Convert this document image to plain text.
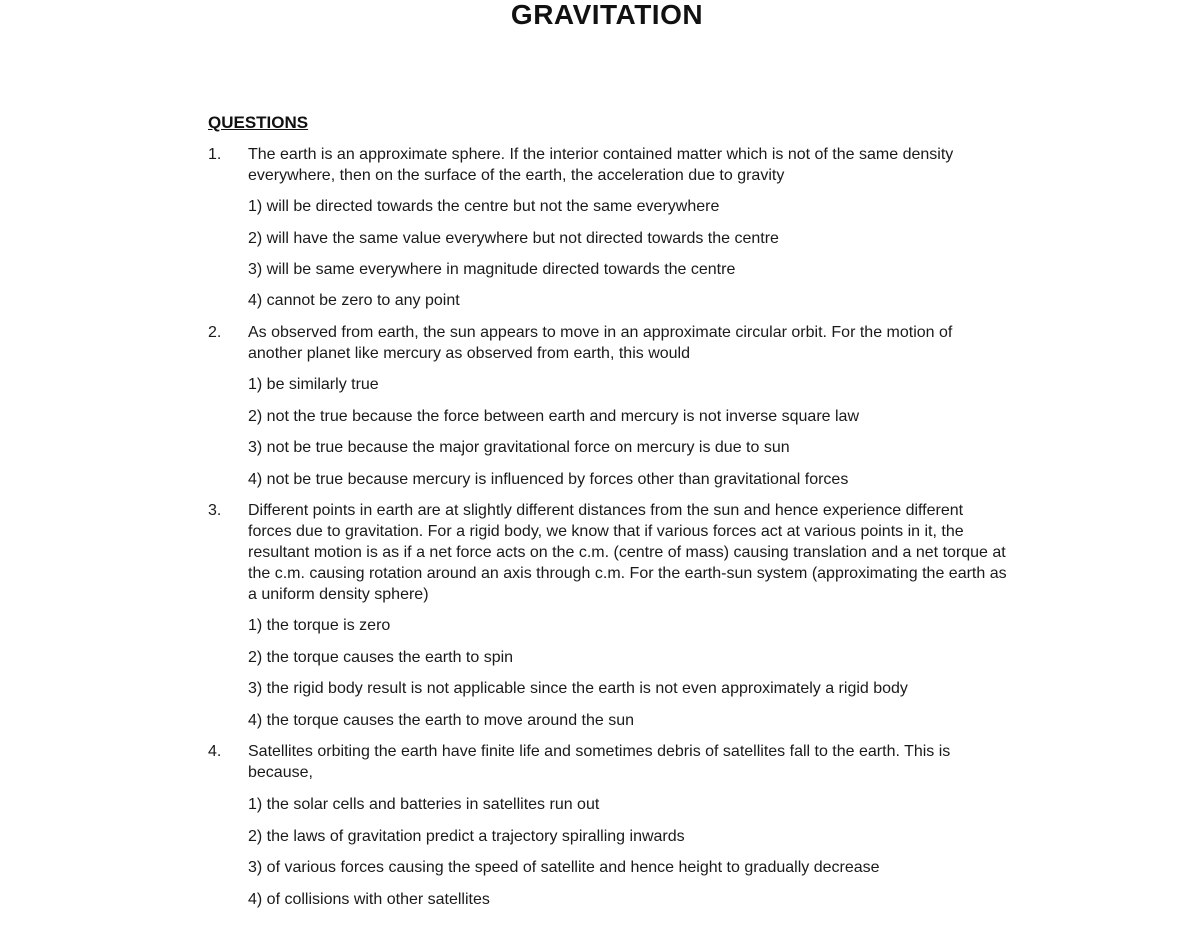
GRAVITATION
QUESTIONS
1. The earth is an approximate sphere. If the interior contained matter which is not of the same density everywhere, then on the surface of the earth, the acceleration due to gravity
1) will be directed towards the centre but not the same everywhere
2) will have the same value everywhere but not directed towards the centre
3) will be same everywhere in magnitude directed towards the centre
4) cannot be zero to any point
2. As observed from earth, the sun appears to move in an approximate circular orbit. For the motion of another planet like mercury as observed from earth, this would
1) be similarly true
2) not the true because the force between earth and mercury is not inverse square law
3) not be true because the major gravitational force on mercury is due to sun
4) not be true because mercury is influenced by forces other than gravitational forces
3. Different points in earth are at slightly different distances from the sun and hence experience different forces due to gravitation. For a rigid body, we know that if various forces act at various points in it, the resultant motion is as if a net force acts on the c.m. (centre of mass) causing translation and a net torque at the c.m. causing rotation around an axis through c.m. For the earth-sun system (approximating the earth as a uniform density sphere)
1) the torque is zero
2) the torque causes the earth to spin
3) the rigid body result is not applicable since the earth is not even approximately a rigid body
4) the torque causes the earth to move around the sun
4. Satellites orbiting the earth have finite life and sometimes debris of satellites fall to the earth. This is because,
1) the solar cells and batteries in satellites run out
2) the laws of gravitation predict a trajectory spiralling inwards
3) of various forces causing the speed of satellite and hence height to gradually decrease
4) of collisions with other satellites
